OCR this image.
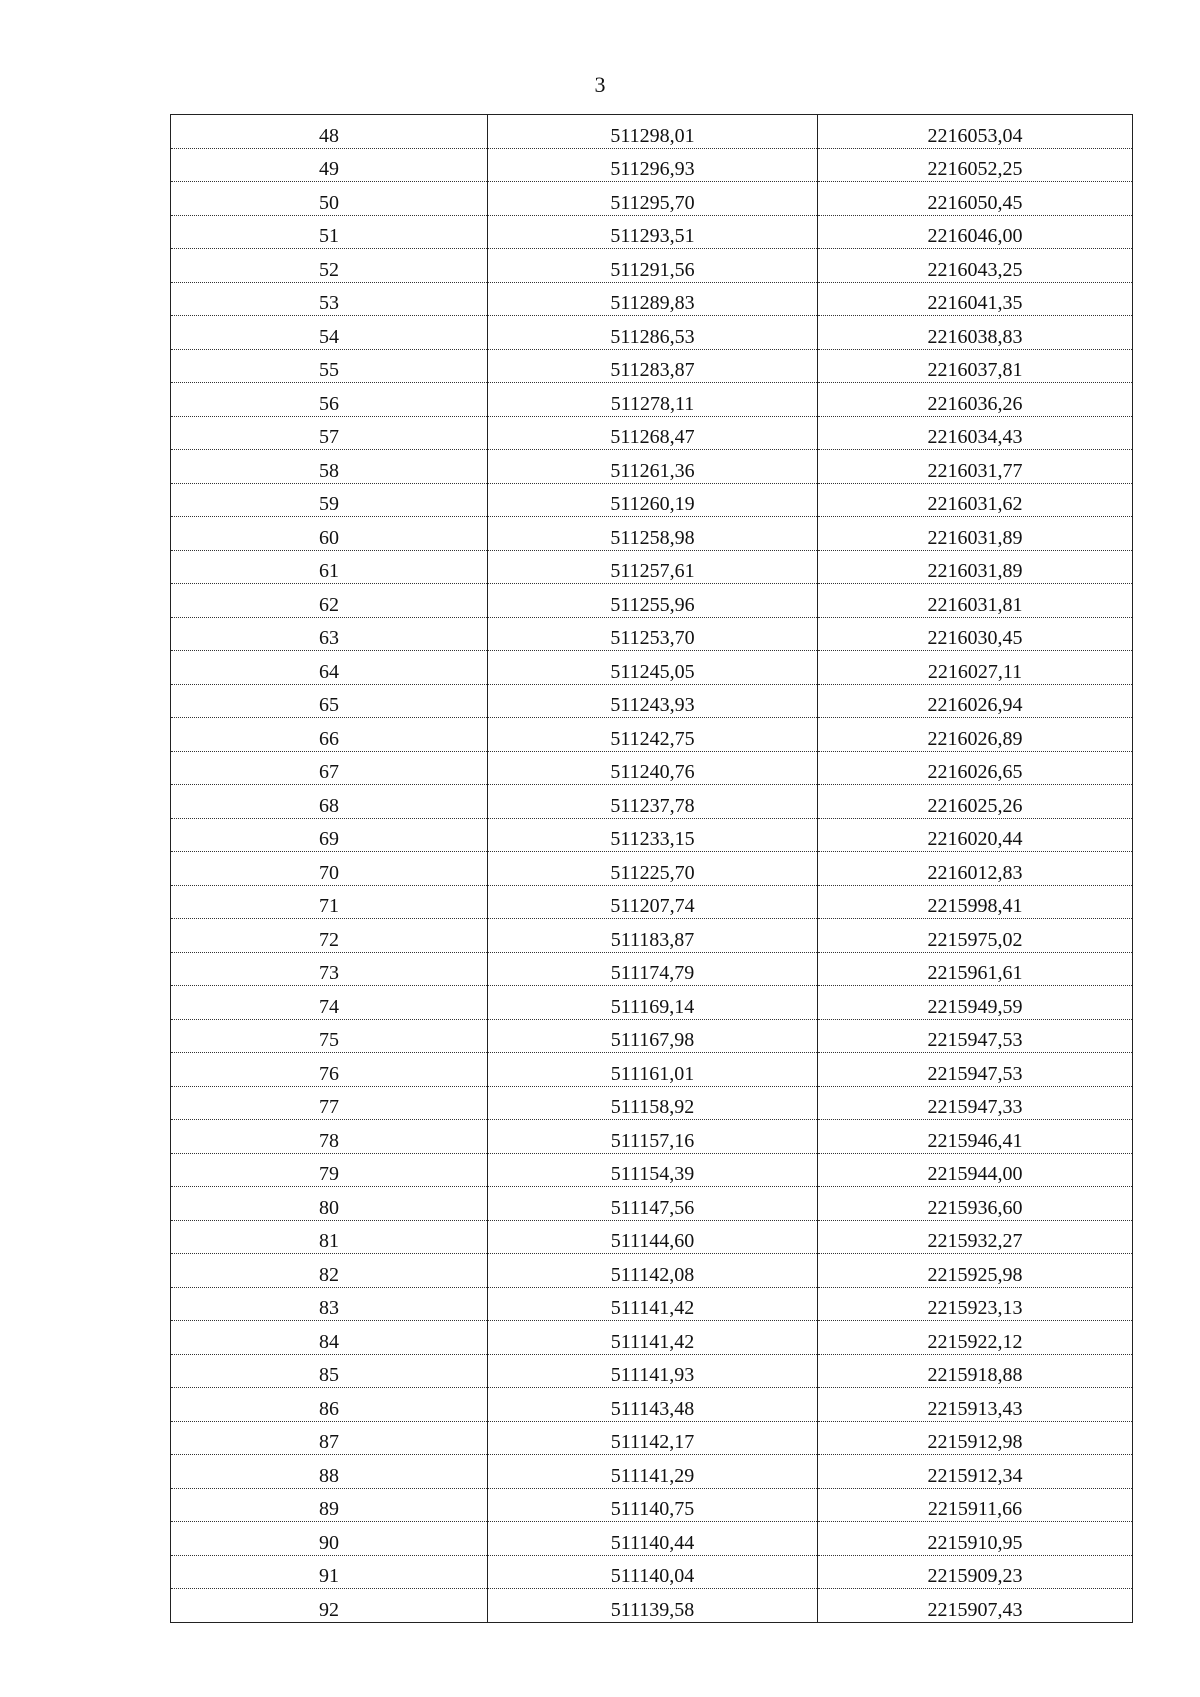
3
48	511298,01	2216053,04
49	511296,93	2216052,25
50	511295,70	2216050,45
51	511293,51	2216046,00
52	511291,56	2216043,25
53	511289,83	2216041,35
54	511286,53	2216038,83
55	511283,87	2216037,81
56	511278,11	2216036,26
57	511268,47	2216034,43
58	511261,36	2216031,77
59	511260,19	2216031,62
60	511258,98	2216031,89
61	511257,61	2216031,89
62	511255,96	2216031,81
63	511253,70	2216030,45
64	511245,05	2216027,11
65	511243,93	2216026,94
66	511242,75	2216026,89
67	511240,76	2216026,65
68	511237,78	2216025,26
69	511233,15	2216020,44
70	511225,70	2216012,83
71	511207,74	2215998,41
72	511183,87	2215975,02
73	511174,79	2215961,61
74	511169,14	2215949,59
75	511167,98	2215947,53
76	511161,01	2215947,53
77	511158,92	2215947,33
78	511157,16	2215946,41
79	511154,39	2215944,00
80	511147,56	2215936,60
81	511144,60	2215932,27
82	511142,08	2215925,98
83	511141,42	2215923,13
84	511141,42	2215922,12
85	511141,93	2215918,88
86	511143,48	2215913,43
87	511142,17	2215912,98
88	511141,29	2215912,34
89	511140,75	2215911,66
90	511140,44	2215910,95
91	511140,04	2215909,23
92	511139,58	2215907,43
